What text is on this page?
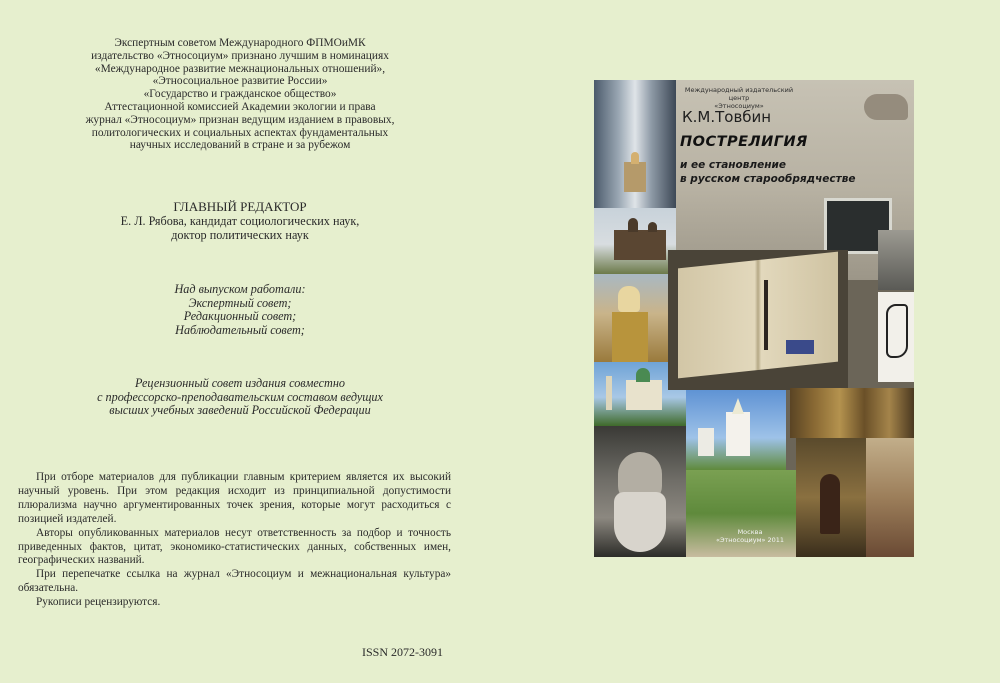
Экспертным советом Международного ФПМОиМК
издательство «Этносоциум» признано лучшим в номинациях
«Международное развитие межнациональных отношений»,
«Этносоциальное развитие России»
«Государство и гражданское общество»
Аттестационной комиссией Академии экологии и права
журнал «Этносоциум» признан ведущим изданием в правовых,
политологических и социальных аспектах фундаментальных
научных исследований в стране и за рубежом
ГЛАВНЫЙ РЕДАКТОР
Е. Л. Рябова, кандидат социологических наук,
доктор политических наук
Над выпуском работали:
Экспертный совет;
Редакционный совет;
Наблюдательный совет;
Рецензионный совет издания совместно
с профессорско-преподавательским составом ведущих
высших учебных заведений Российской Федерации

При отборе материалов для публикации главным критерием является их высокий научный уровень. При этом редакция исходит из принципиальной допустимости плюрализма научно аргументированных точек зрения, которые могут расходиться с позицией издателей.

Авторы опубликованных материалов несут ответственность за подбор и точность приведенных фактов, цитат, экономико-статистических данных, собственных имен, географических названий.

При перепечатке ссылка на журнал «Этносоциум и межнациональная культура» обязательна.

Рукописи рецензируются.

ISSN 2072-3091
Международный издательский центр
«Этносоциум»
К.М.Товбин
ПОСТРЕЛИГИЯ
и ее становление
в русском старообрядчестве
Москва
«Этносоциум» 2011
